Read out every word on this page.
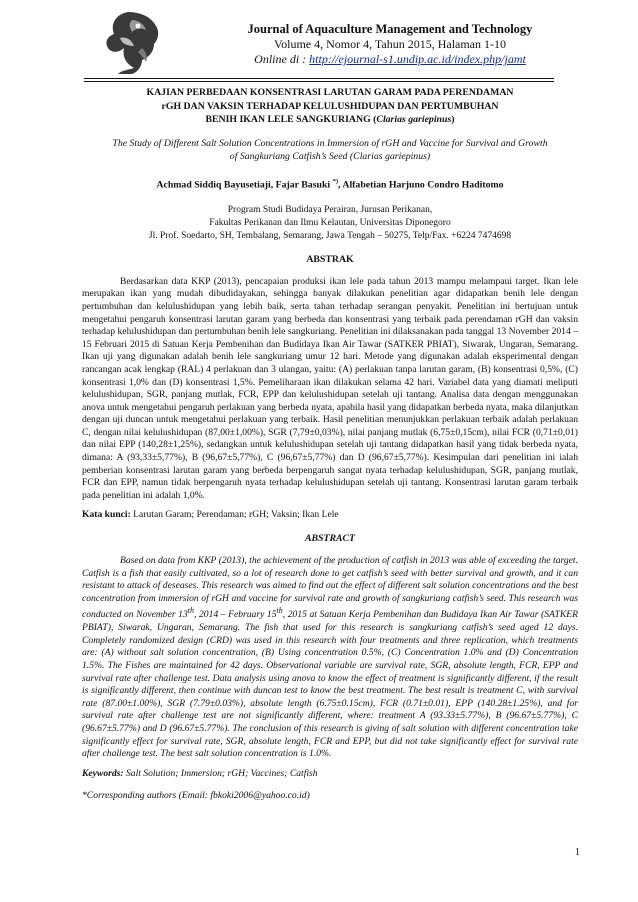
Journal of Aquaculture Management and Technology
Volume 4, Nomor 4, Tahun 2015, Halaman 1-10
Online di : http://ejournal-s1.undip.ac.id/index.php/jamt
KAJIAN PERBEDAAN KONSENTRASI LARUTAN GARAM PADA PERENDAMAN
rGH DAN VAKSIN TERHADAP KELULUSHIDUPAN DAN PERTUMBUHAN
BENIH IKAN LELE SANGKURIANG (Clarias gariepinus)
The Study of Different Salt Solution Concentrations in Immersion of rGH and Vaccine for Survival and Growth
of Sangkuriang Catfish’s Seed (Clarias gariepinus)
Achmad Siddiq Bayusetiaji, Fajar Basuki *), Alfabetian Harjuno Condro Haditomo
Program Studi Budidaya Perairan, Jurusan Perikanan,
Fakultas Perikanan dan Ilmu Kelautan, Universitas Diponegoro
Jl. Prof. Soedarto, SH, Tembalang, Semarang, Jawa Tengah – 50275, Telp/Fax. +6224 7474698
ABSTRAK
Berdasarkan data KKP (2013), pencapaian produksi ikan lele pada tahun 2013 mampu melampaui target. Ikan lele merupakan ikan yang mudah dibudidayakan, sehingga banyak dilakukan penelitian agar didapatkan benih lele dengan pertumbuhan dan kelulushidupan yang lebih baik, serta tahan terhadap serangan penyakit. Penelitian ini bertujuan untuk mengetahui pengaruh konsentrasi larutan garam yang berbeda dan konsentrasi yang terbaik pada perendaman rGH dan vaksin terhadap kelulushidupan dan pertumbuhan benih lele sangkuriang. Penelitian ini dilaksanakan pada tanggal 13 November 2014 – 15 Februari 2015 di Satuan Kerja Pembenihan dan Budidaya Ikan Air Tawar (SATKER PBIAT), Siwarak, Ungaran, Semarang. Ikan uji yang digunakan adalah benih lele sangkuriang umur 12 hari. Metode yang digunakan adalah eksperimental dengan rancangan acak lengkap (RAL) 4 perlakuan dan 3 ulangan, yaitu: (A) perlakuan tanpa larutan garam, (B) konsentrasi 0,5%, (C) konsentrasi 1,0% dan (D) konsentrasi 1,5%. Pemeliharaan ikan dilakukan selama 42 hari. Variabel data yang diamati meliputi kelulushidupan, SGR, panjang mutlak, FCR, EPP dan kelulushidupan setelah uji tantang. Analisa data dengan menggunakan anova untuk mengetahui pengaruh perlakuan yang berbeda nyata, apabila hasil yang didapatkan berbeda nyata, maka dilanjutkan dengan uji duncan untuk mengetahui perlakuan yang terbaik. Hasil penelitian menunjukkan perlakuan terbaik adalah perlakuan C, dengan nilai kelulushidupan (87,00±1,00%), SGR (7,79±0,03%), nilai panjang mutlak (6,75±0,15cm), nilai FCR (0,71±0,01) dan nilai EPP (140,28±1,25%), sedangkan untuk kelulushidupan setelah uji tantang didapatkan hasil yang tidak berbeda nyata, dimana: A (93,33±5,77%), B (96,67±5,77%), C (96,67±5,77%) dan D (96,67±5,77%). Kesimpulan dari penelitian ini ialah pemberian konsentrasi larutan garam yang berbeda berpengaruh sangat nyata terhadap kelulushidupan, SGR, panjang mutlak, FCR dan EPP, namun tidak berpengaruh nyata terhadap kelulushidupan setelah uji tantang. Konsentrasi larutan garam terbaik pada penelitian ini adalah 1,0%.
Kata kunci: Larutan Garam; Perendaman; rGH; Vaksin; Ikan Lele
ABSTRACT
Based on data from KKP (2013), the achievement of the production of catfish in 2013 was able of exceeding the target. Catfish is a fish that easily cultivated, so a lot of research done to get catfish’s seed with better survival and growth, and it can resistant to attack of deseases. This research was aimed to find out the effect of different salt solution concentrations and the best concentration from immersion of rGH and vaccine for survival rate and growth of sangkuriang catfish’s seed. This research was conducted on November 13th, 2014 – February 15th, 2015 at Satuan Kerja Pembenihan dan Budidaya Ikan Air Tawar (SATKER PBIAT), Siwarak, Ungaran, Semarang. The fish that used for this research is sangkuriang catfish’s seed aged 12 days. Completely randomized design (CRD) was used in this research with four treatments and three replication, which treatments are: (A) without salt solution concentration, (B) Using concentration 0.5%, (C) Concentration 1.0% and (D) Concentration 1.5%. The Fishes are maintained for 42 days. Observational variable are survival rate, SGR, absolute length, FCR, EPP and survival rate after challenge test. Data analysis using anova to know the effect of treatment is significantly different, if the result is significantly different, then continue with duncan test to know the best treatment. The best result is treatment C, with survival rate (87.00±1.00%), SGR (7.79±0.03%), absolute length (6.75±0.15cm), FCR (0.71±0.01), EPP (140.28±1.25%), and for survival rate after challenge test are not significantly different, where: treatment A (93.33±5.77%), B (96.67±5.77%), C (96.67±5.77%) and D (96.67±5.77%). The conclusion of this research is giving of salt solution with different concentration take significantly effect for survival rate, SGR, absolute length, FCR and EPP, but did not take significantly effect for survival rate after challenge test. The best salt solution concentration is 1.0%.
Keywords: Salt Solution; Immersion; rGH; Vaccines; Catfish
*Corresponding authors (Email: fbkoki2006@yahoo.co.id)
1
